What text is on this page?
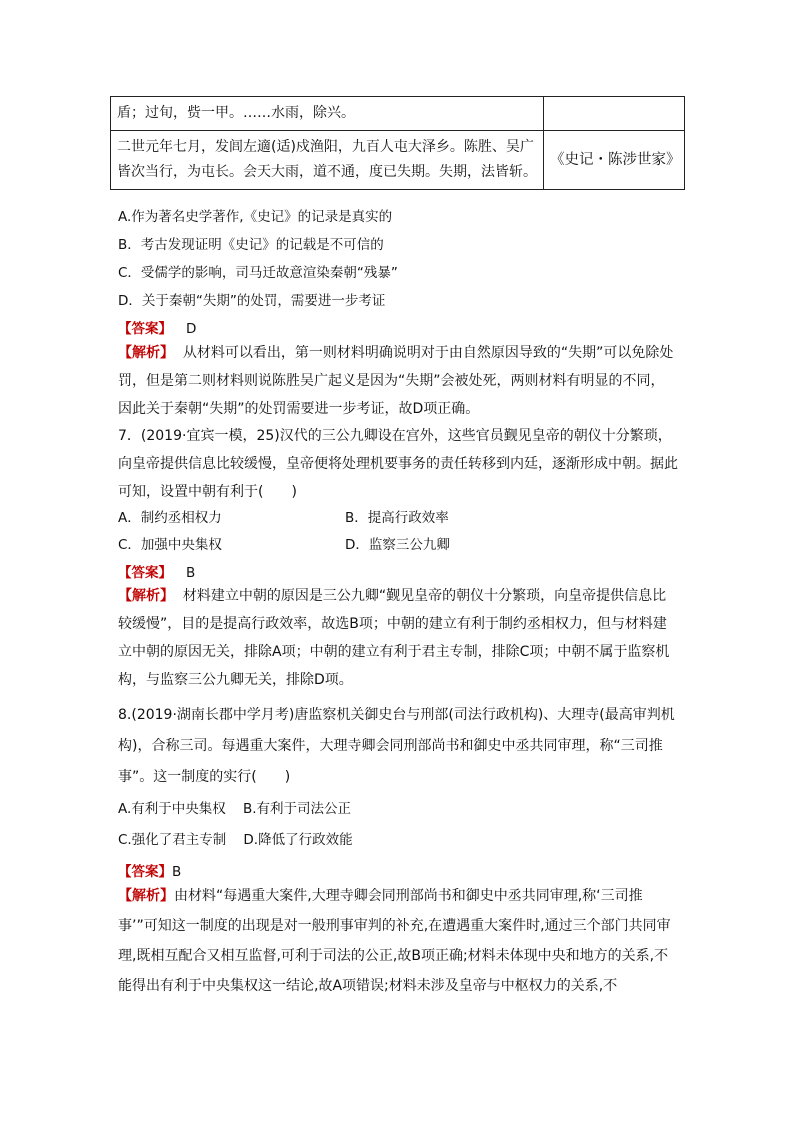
盾；过旬，赀一甲。……水雨，除兴。	
二世元年七月，发闾左適(适)戍渔阳，九百人屯大泽乡。陈胜、吴广皆次当行，为屯长。会天大雨，道不通，度已失期。失期，法皆斩。	《史记・陈涉世家》
A.作为著名史学著作,《史记》的记录是真实的
B．考古发现证明《史记》的记载是不可信的
C．受儒学的影响，司马迁故意渲染秦朝“残暴”
D．关于秦朝“失期”的处罚，需要进一步考证
【答案】 D
【解析】 从材料可以看出，第一则材料明确说明对于由自然原因导致的“失期”可以免除处罚，但是第二则材料则说陈胜吴广起义是因为“失期”会被处死，两则材料有明显的不同，因此关于秦朝“失期”的处罚需要进一步考证，故D项正确。
7．(2019·宜宾一模，25)汉代的三公九卿设在宫外，这些官员觐见皇帝的朝仪十分繁琐，向皇帝提供信息比较缓慢，皇帝便将处理机要事务的责任转移到内廷，逐渐形成中朝。据此可知，设置中朝有利于(　　)
A．制约丞相权力	B．提高行政效率
C．加强中央集权	D．监察三公九卿
【答案】 B
【解析】 材料建立中朝的原因是三公九卿“觐见皇帝的朝仪十分繁琐，向皇帝提供信息比较缓慢”，目的是提高行政效率，故选B项；中朝的建立有利于制约丞相权力，但与材料建立中朝的原因无关，排除A项；中朝的建立有利于君主专制，排除C项；中朝不属于监察机构，与监察三公九卿无关，排除D项。
8.(2019·湖南长郡中学月考)唐监察机关御史台与刑部(司法行政机构)、大理寺(最高审判机构)，合称三司。每遇重大案件，大理寺卿会同刑部尚书和御史中丞共同审理，称“三司推事”。这一制度的实行(　　)
A.有利于中央集权 B.有利于司法公正
C.强化了君主专制 D.降低了行政效能
【答案】B
【解析】由材料“每遇重大案件,大理寺卿会同刑部尚书和御史中丞共同审理,称‘三司推事’”可知这一制度的出现是对一般刑事审判的补充,在遭遇重大案件时,通过三个部门共同审理,既相互配合又相互监督,可利于司法的公正,故B项正确;材料未体现中央和地方的关系,不能得出有利于中央集权这一结论,故A项错误;材料未涉及皇帝与中枢权力的关系,不
